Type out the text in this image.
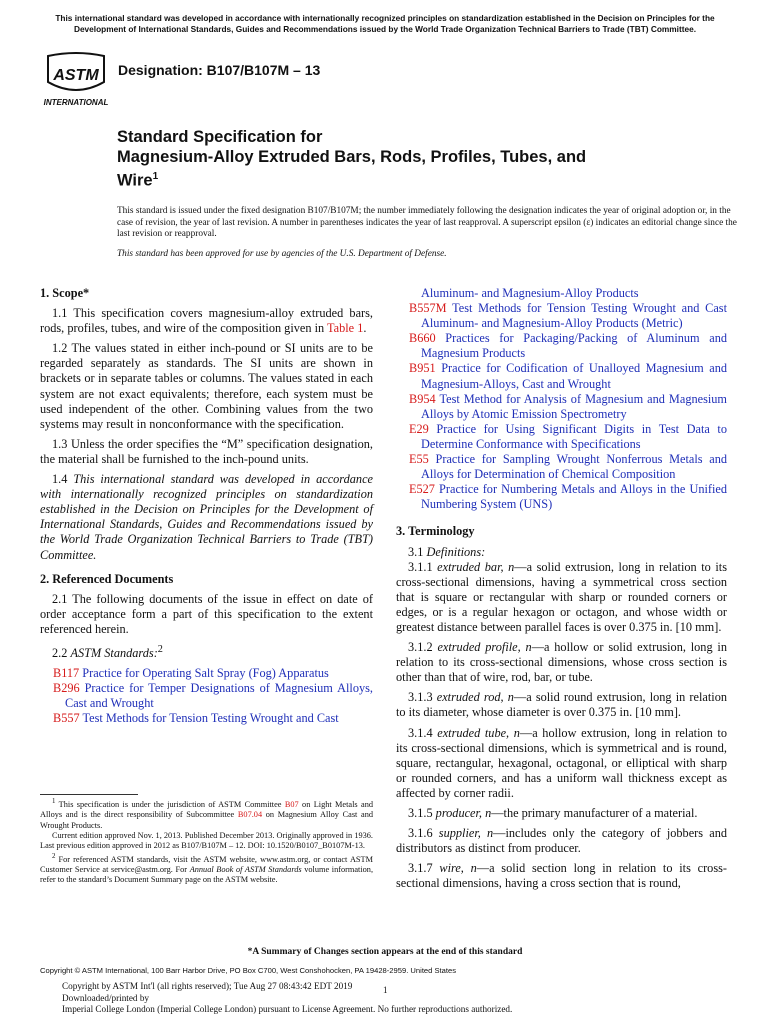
This international standard was developed in accordance with internationally recognized principles on standardization established in the Decision on Principles for the Development of International Standards, Guides and Recommendations issued by the World Trade Organization Technical Barriers to Trade (TBT) Committee.
ASTM
INTERNATIONAL
Designation: B107/B107M – 13
Standard Specification for
Magnesium-Alloy Extruded Bars, Rods, Profiles, Tubes, and
Wire$^1$
This standard is issued under the fixed designation B107/B107M; the number immediately following the designation indicates the year of original adoption or, in the case of revision, the year of last revision. A number in parentheses indicates the year of last reapproval. A superscript epsilon (ε) indicates an editorial change since the last revision or reapproval.
This standard has been approved for use by agencies of the U.S. Department of Defense.
1. Scope*

1.1 This specification covers magnesium-alloy extruded bars, rods, profiles, tubes, and wire of the composition given in Table 1.

1.2 The values stated in either inch-pound or SI units are to be regarded separately as standards. The SI units are shown in brackets or in separate tables or columns. The values stated in each system are not exact equivalents; therefore, each system must be used independent of the other. Combining values from the two systems may result in nonconformance with the specification.

1.3 Unless the order specifies the “M” specification designation, the material shall be furnished to the inch-pound units.

1.4 This international standard was developed in accordance with internationally recognized principles on standardization established in the Decision on Principles for the Development of International Standards, Guides and Recommendations issued by the World Trade Organization Technical Barriers to Trade (TBT) Committee.

2. Referenced Documents

2.1 The following documents of the issue in effect on date of order acceptance form a part of this specification to the extent referenced herein.

2.2 ASTM Standards:$^2$

B117 Practice for Operating Salt Spray (Fog) Apparatus
B296 Practice for Temper Designations of Magnesium Alloys, Cast and Wrought
B557 Test Methods for Tension Testing Wrought and Cast

$^1$ This specification is under the jurisdiction of ASTM Committee B07 on Light Metals and Alloys and is the direct responsibility of Subcommittee B07.04 on Magnesium Alloy Cast and Wrought Products.

Current edition approved Nov. 1, 2013. Published December 2013. Originally approved in 1936. Last previous edition approved in 2012 as B107/B107M – 12. DOI: 10.1520/B0107_B0107M-13.

$^2$ For referenced ASTM standards, visit the ASTM website, www.astm.org, or contact ASTM Customer Service at service@astm.org. For Annual Book of ASTM Standards volume information, refer to the standard’s Document Summary page on the ASTM website.

Aluminum- and Magnesium-Alloy Products
B557M Test Methods for Tension Testing Wrought and Cast Aluminum- and Magnesium-Alloy Products (Metric)
B660 Practices for Packaging/Packing of Aluminum and Magnesium Products
B951 Practice for Codification of Unalloyed Magnesium and Magnesium-Alloys, Cast and Wrought
B954 Test Method for Analysis of Magnesium and Magnesium Alloys by Atomic Emission Spectrometry
E29 Practice for Using Significant Digits in Test Data to Determine Conformance with Specifications
E55 Practice for Sampling Wrought Nonferrous Metals and Alloys for Determination of Chemical Composition
E527 Practice for Numbering Metals and Alloys in the Unified Numbering System (UNS)
3. Terminology

3.1 Definitions:

3.1.1 extruded bar, n—a solid extrusion, long in relation to its cross-sectional dimensions, having a symmetrical cross section that is square or rectangular with sharp or rounded corners or edges, or is a regular hexagon or octagon, and whose width or greatest distance between parallel faces is over 0.375 in. [10 mm].

3.1.2 extruded profile, n—a hollow or solid extrusion, long in relation to its cross-sectional dimensions, whose cross section is other than that of wire, rod, bar, or tube.

3.1.3 extruded rod, n—a solid round extrusion, long in relation to its diameter, whose diameter is over 0.375 in. [10 mm].

3.1.4 extruded tube, n—a hollow extrusion, long in relation to its cross-sectional dimensions, which is symmetrical and is round, square, rectangular, hexagonal, octagonal, or elliptical with sharp or rounded corners, and has a uniform wall thickness except as affected by corner radii.

3.1.5 producer, n—the primary manufacturer of a material.

3.1.6 supplier, n—includes only the category of jobbers and distributors as distinct from producer.

3.1.7 wire, n—a solid section long in relation to its cross-sectional dimensions, having a cross section that is round,

*A Summary of Changes section appears at the end of this standard
Copyright © ASTM International, 100 Barr Harbor Drive, PO Box C700, West Conshohocken, PA 19428-2959. United States
Copyright by ASTM Int'l (all rights reserved); Tue Aug 27 08:43:42 EDT 2019
Downloaded/printed by
Imperial College London (Imperial College London) pursuant to License Agreement. No further reproductions authorized.
1
